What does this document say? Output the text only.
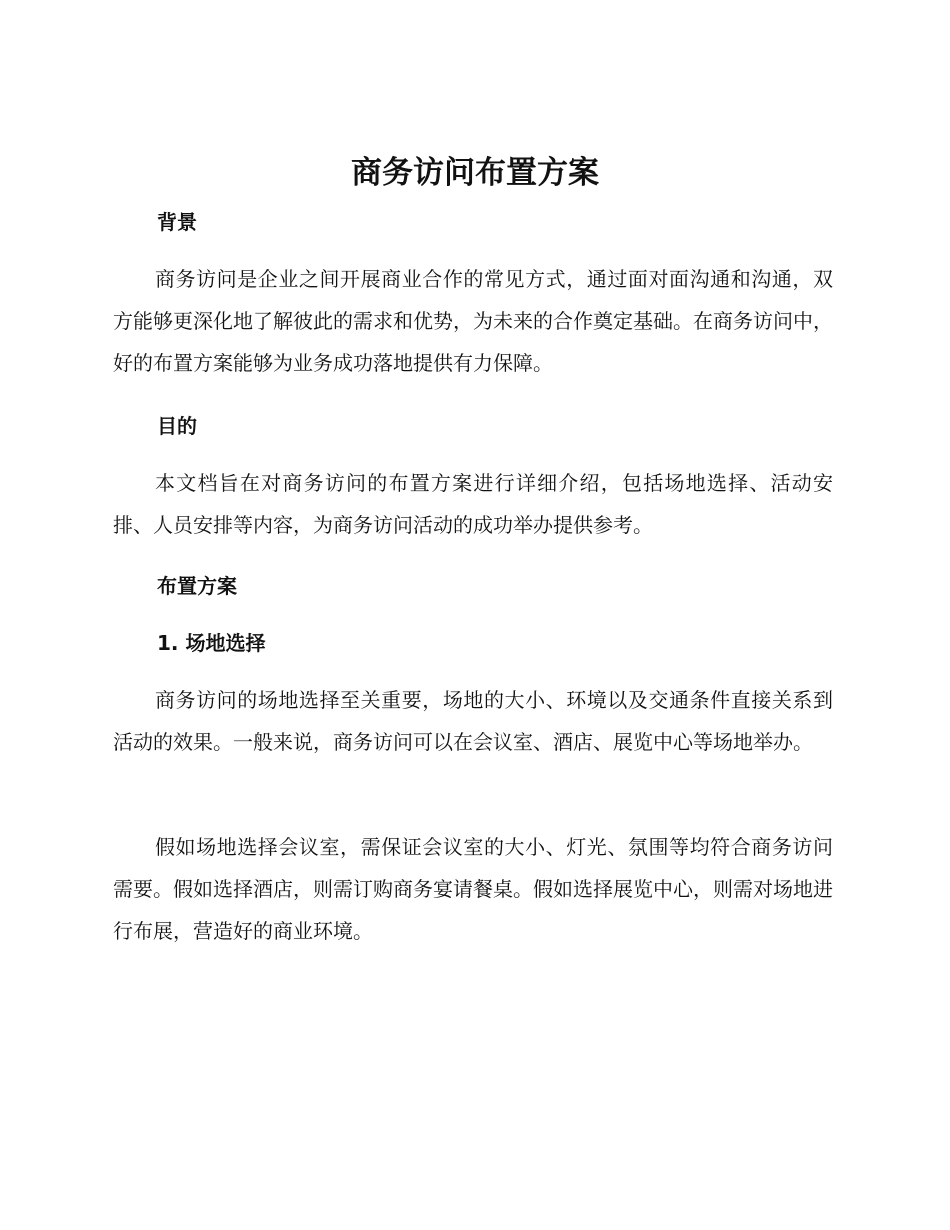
商务访问布置方案
背景

商务访问是企业之间开展商业合作的常见方式，通过面对面沟通和沟通，双方能够更深化地了解彼此的需求和优势，为未来的合作奠定基础。在商务访问中，好的布置方案能够为业务成功落地提供有力保障。

目的

本文档旨在对商务访问的布置方案进行详细介绍，包括场地选择、活动安排、人员安排等内容，为商务访问活动的成功举办提供参考。

布置方案
1. 场地选择

商务访问的场地选择至关重要，场地的大小、环境以及交通条件直接关系到活动的效果。一般来说，商务访问可以在会议室、酒店、展览中心等场地举办。

假如场地选择会议室，需保证会议室的大小、灯光、氛围等均符合商务访问需要。假如选择酒店，则需订购商务宴请餐桌。假如选择展览中心，则需对场地进行布展，营造好的商业环境。
